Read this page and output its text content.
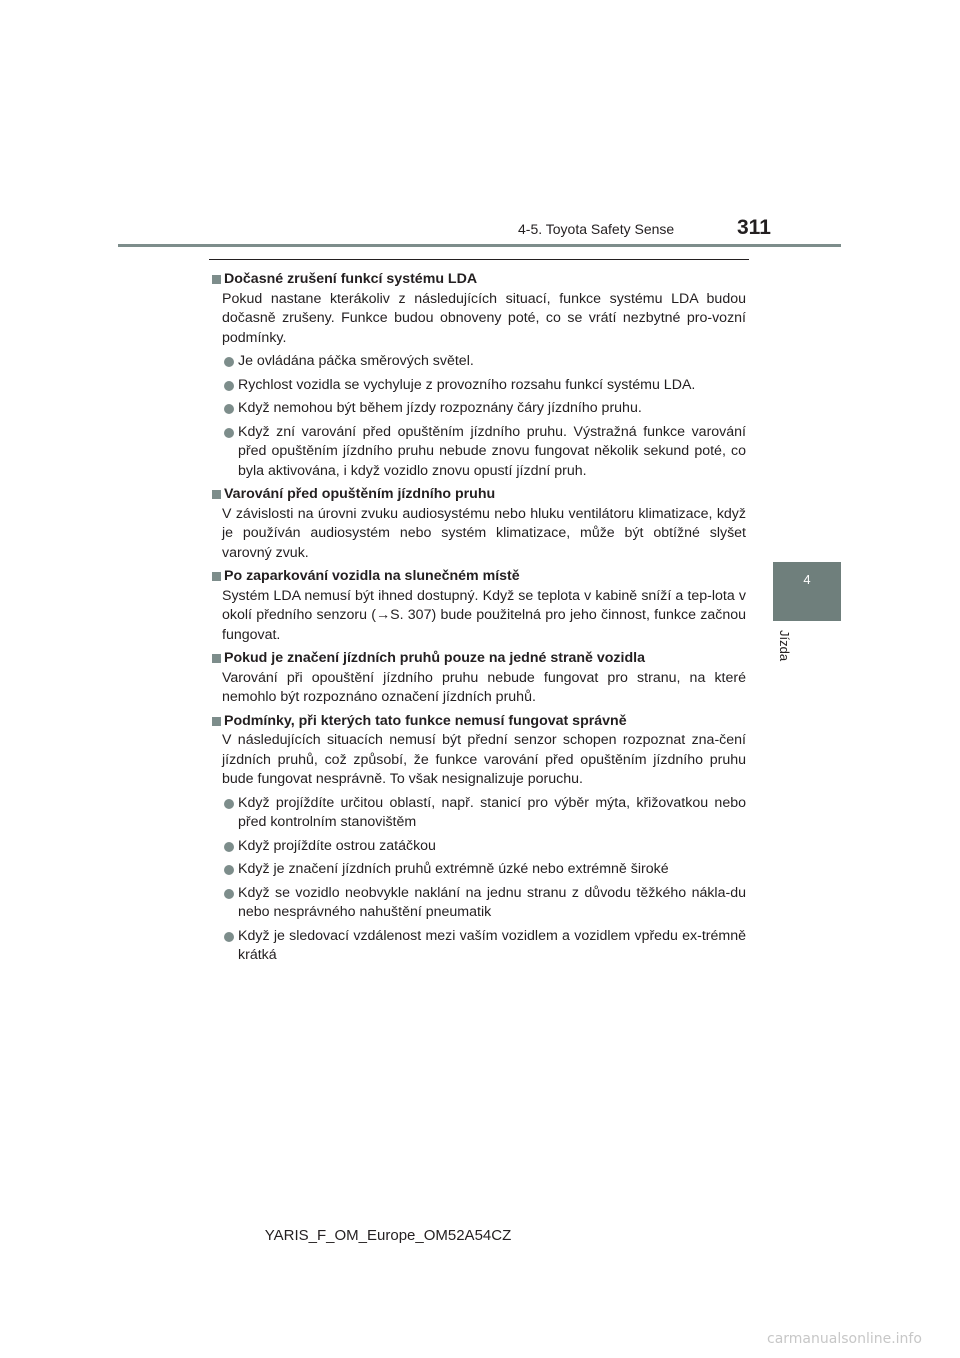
4-5. Toyota Safety Sense	311
4
Jízda
Dočasné zrušení funkcí systému LDA

Pokud nastane kterákoliv z následujících situací, funkce systému LDA budou dočasně zrušeny. Funkce budou obnoveny poté, co se vrátí nezbytné pro-vozní podmínky.

Je ovládána páčka směrových světel.
Rychlost vozidla se vychyluje z provozního rozsahu funkcí systému LDA.
Když nemohou být během jízdy rozpoznány čáry jízdního pruhu.
Když zní varování před opuštěním jízdního pruhu. Výstražná funkce varování před opuštěním jízdního pruhu nebude znovu fungovat několik sekund poté, co byla aktivována, i když vozidlo znovu opustí jízdní pruh.
Varování před opuštěním jízdního pruhu

V závislosti na úrovni zvuku audiosystému nebo hluku ventilátoru klimatizace, když je používán audiosystém nebo systém klimatizace, může být obtížné slyšet varovný zvuk.

Po zaparkování vozidla na slunečném místě

Systém LDA nemusí být ihned dostupný. Když se teplota v kabině sníží a tep-lota v okolí předního senzoru (→S. 307) bude použitelná pro jeho činnost, funkce začnou fungovat.

Pokud je značení jízdních pruhů pouze na jedné straně vozidla

Varování při opouštění jízdního pruhu nebude fungovat pro stranu, na které nemohlo být rozpoznáno označení jízdních pruhů.

Podmínky, při kterých tato funkce nemusí fungovat správně

V následujících situacích nemusí být přední senzor schopen rozpoznat zna-čení jízdních pruhů, což způsobí, že funkce varování před opuštěním jízdního pruhu bude fungovat nesprávně. To však nesignalizuje poruchu.

Když projíždíte určitou oblastí, např. stanicí pro výběr mýta, křižovatkou nebo před kontrolním stanovištěm
Když projíždíte ostrou zatáčkou
Když je značení jízdních pruhů extrémně úzké nebo extrémně široké
Když se vozidlo neobvykle naklání na jednu stranu z důvodu těžkého nákla-du nebo nesprávného nahuštění pneumatik
Když je sledovací vzdálenost mezi vaším vozidlem a vozidlem vpředu ex-trémně krátká
YARIS_F_OM_Europe_OM52A54CZ
carmanualsonline.info
